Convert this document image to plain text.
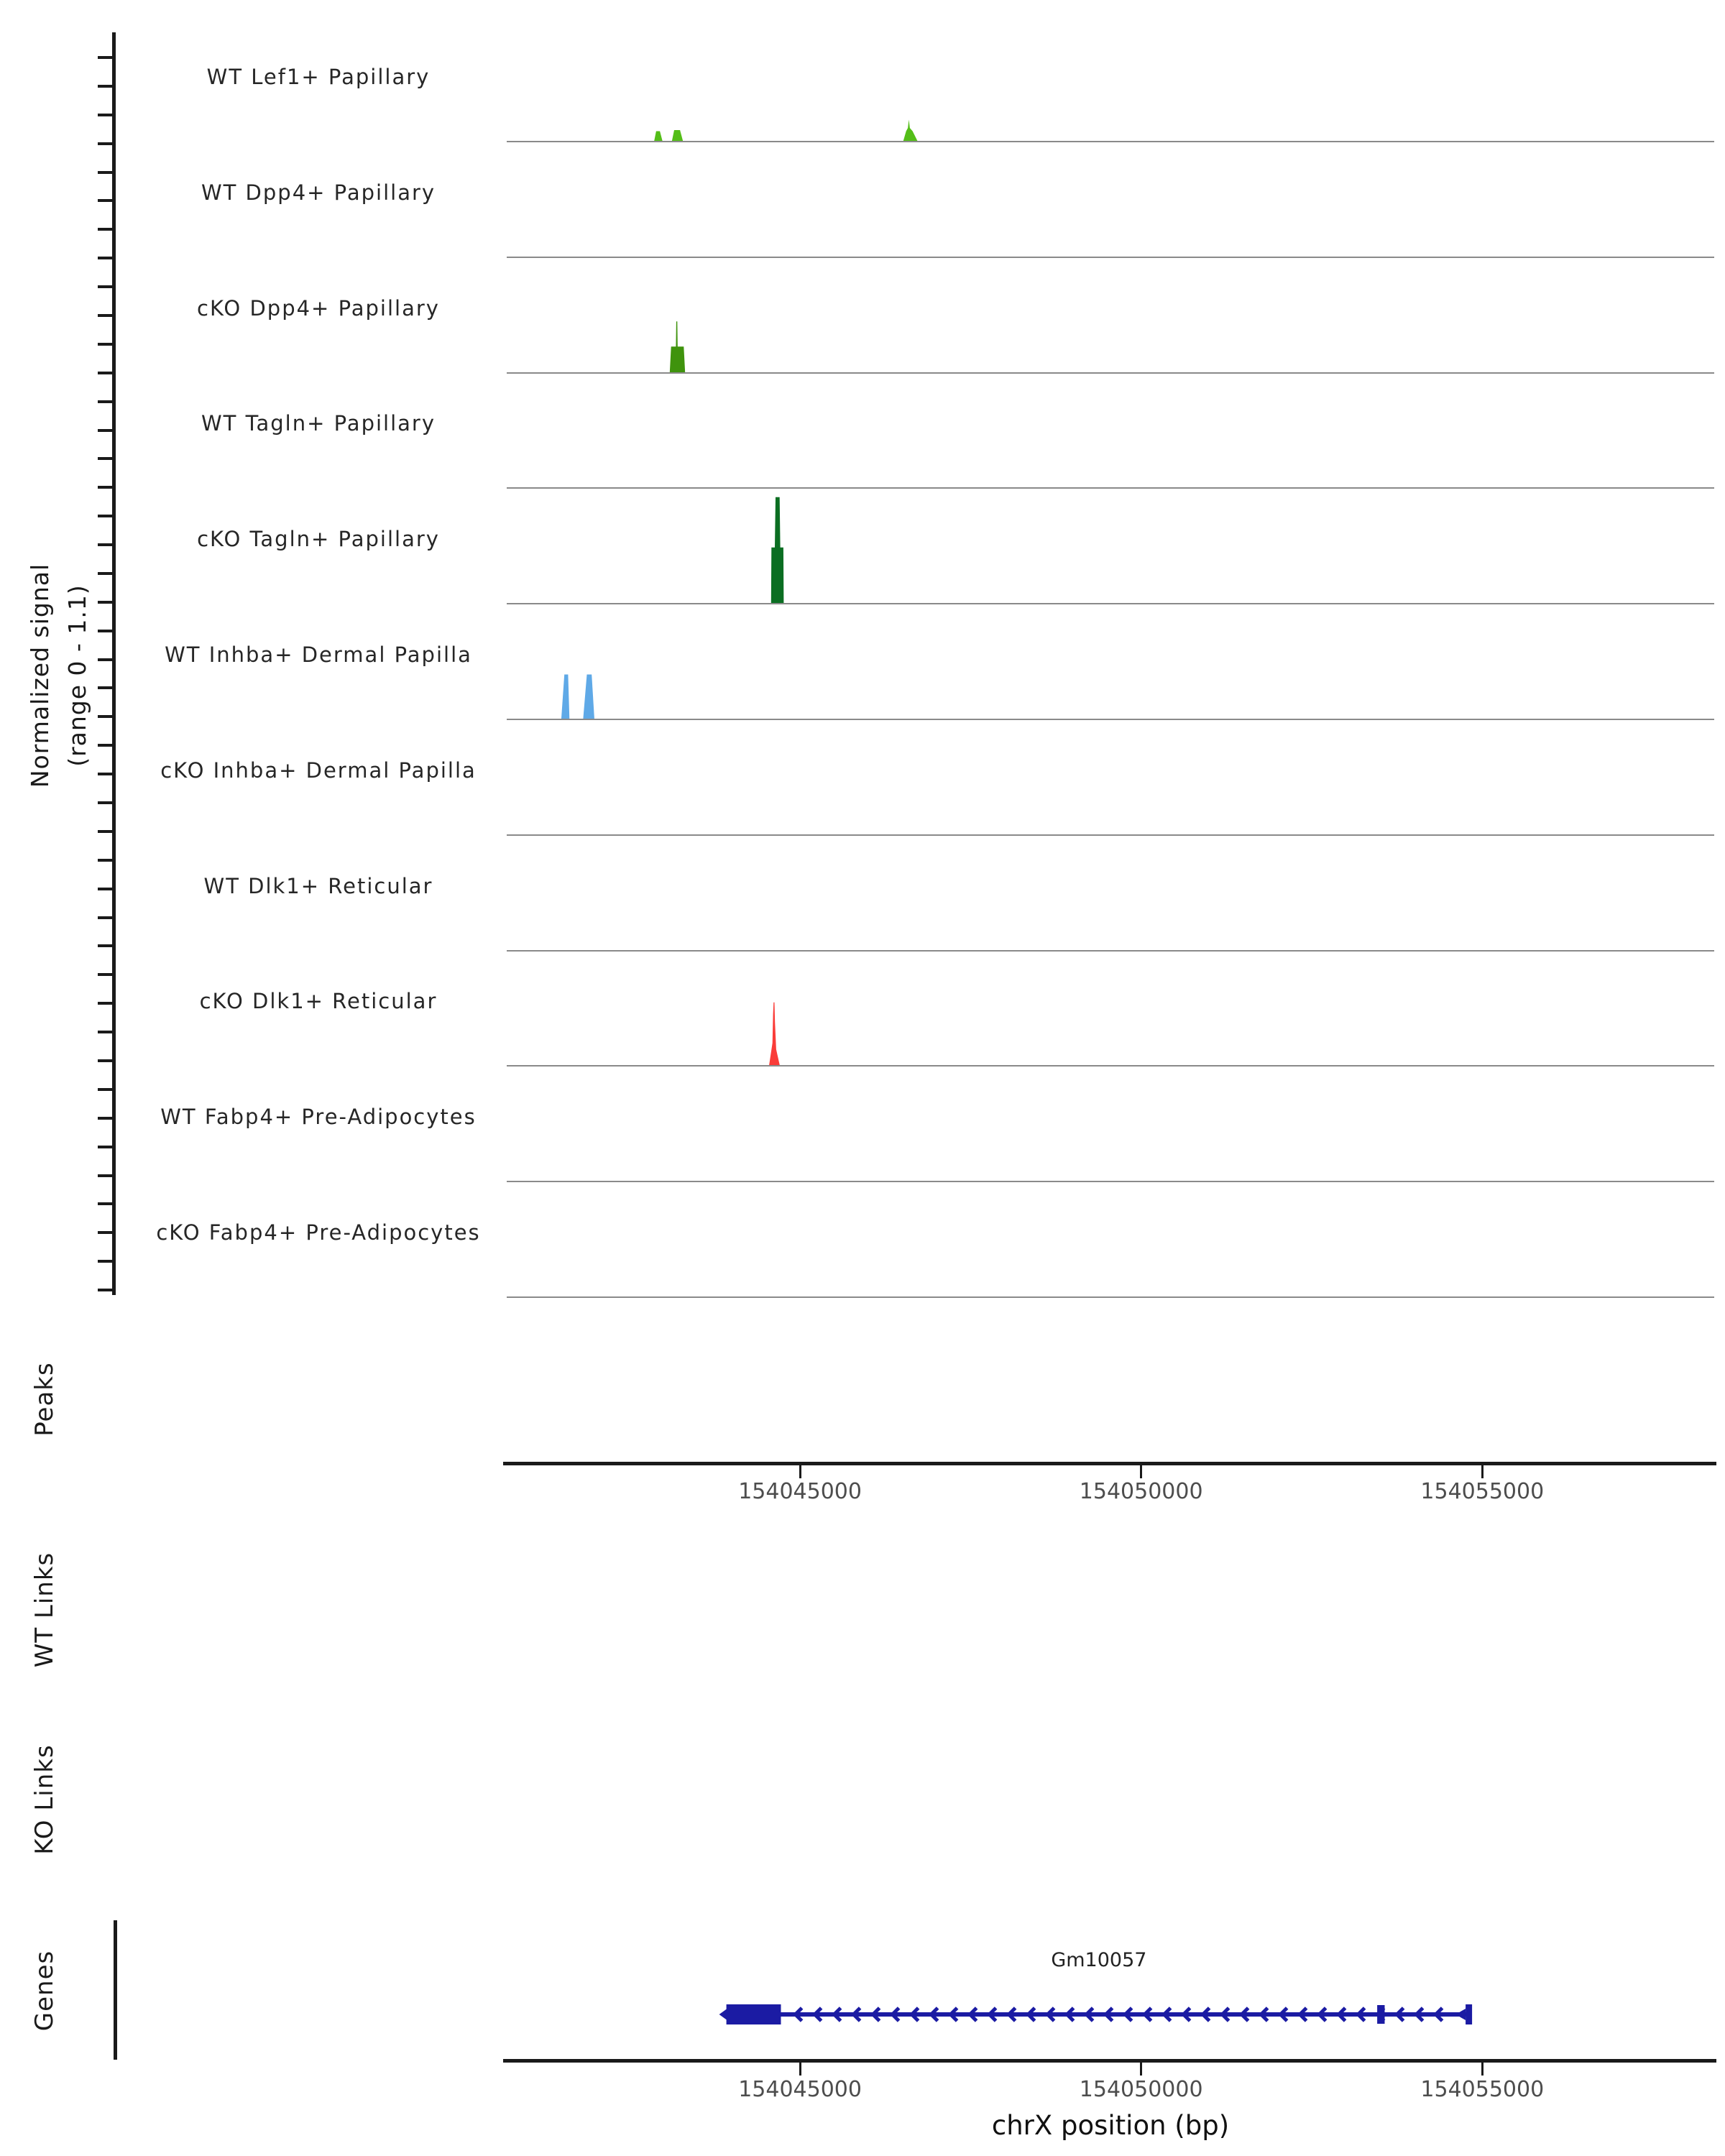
Normalized signal (range 0 - 1.1)
Peaks
WT Links
KO Links
Genes
WT Lef1+ Papillary
WT Dpp4+ Papillary
cKO Dpp4+ Papillary
WT Tagln+ Papillary
cKO Tagln+ Papillary
WT Inhba+ Dermal Papilla
cKO Inhba+ Dermal Papilla
WT Dlk1+ Reticular
cKO Dlk1+ Reticular
WT Fabp4+ Pre-Adipocytes
cKO Fabp4+ Pre-Adipocytes
154045000	154050000	154055000
154045000	154050000	154055000
Gm10057
chrX position (bp)
